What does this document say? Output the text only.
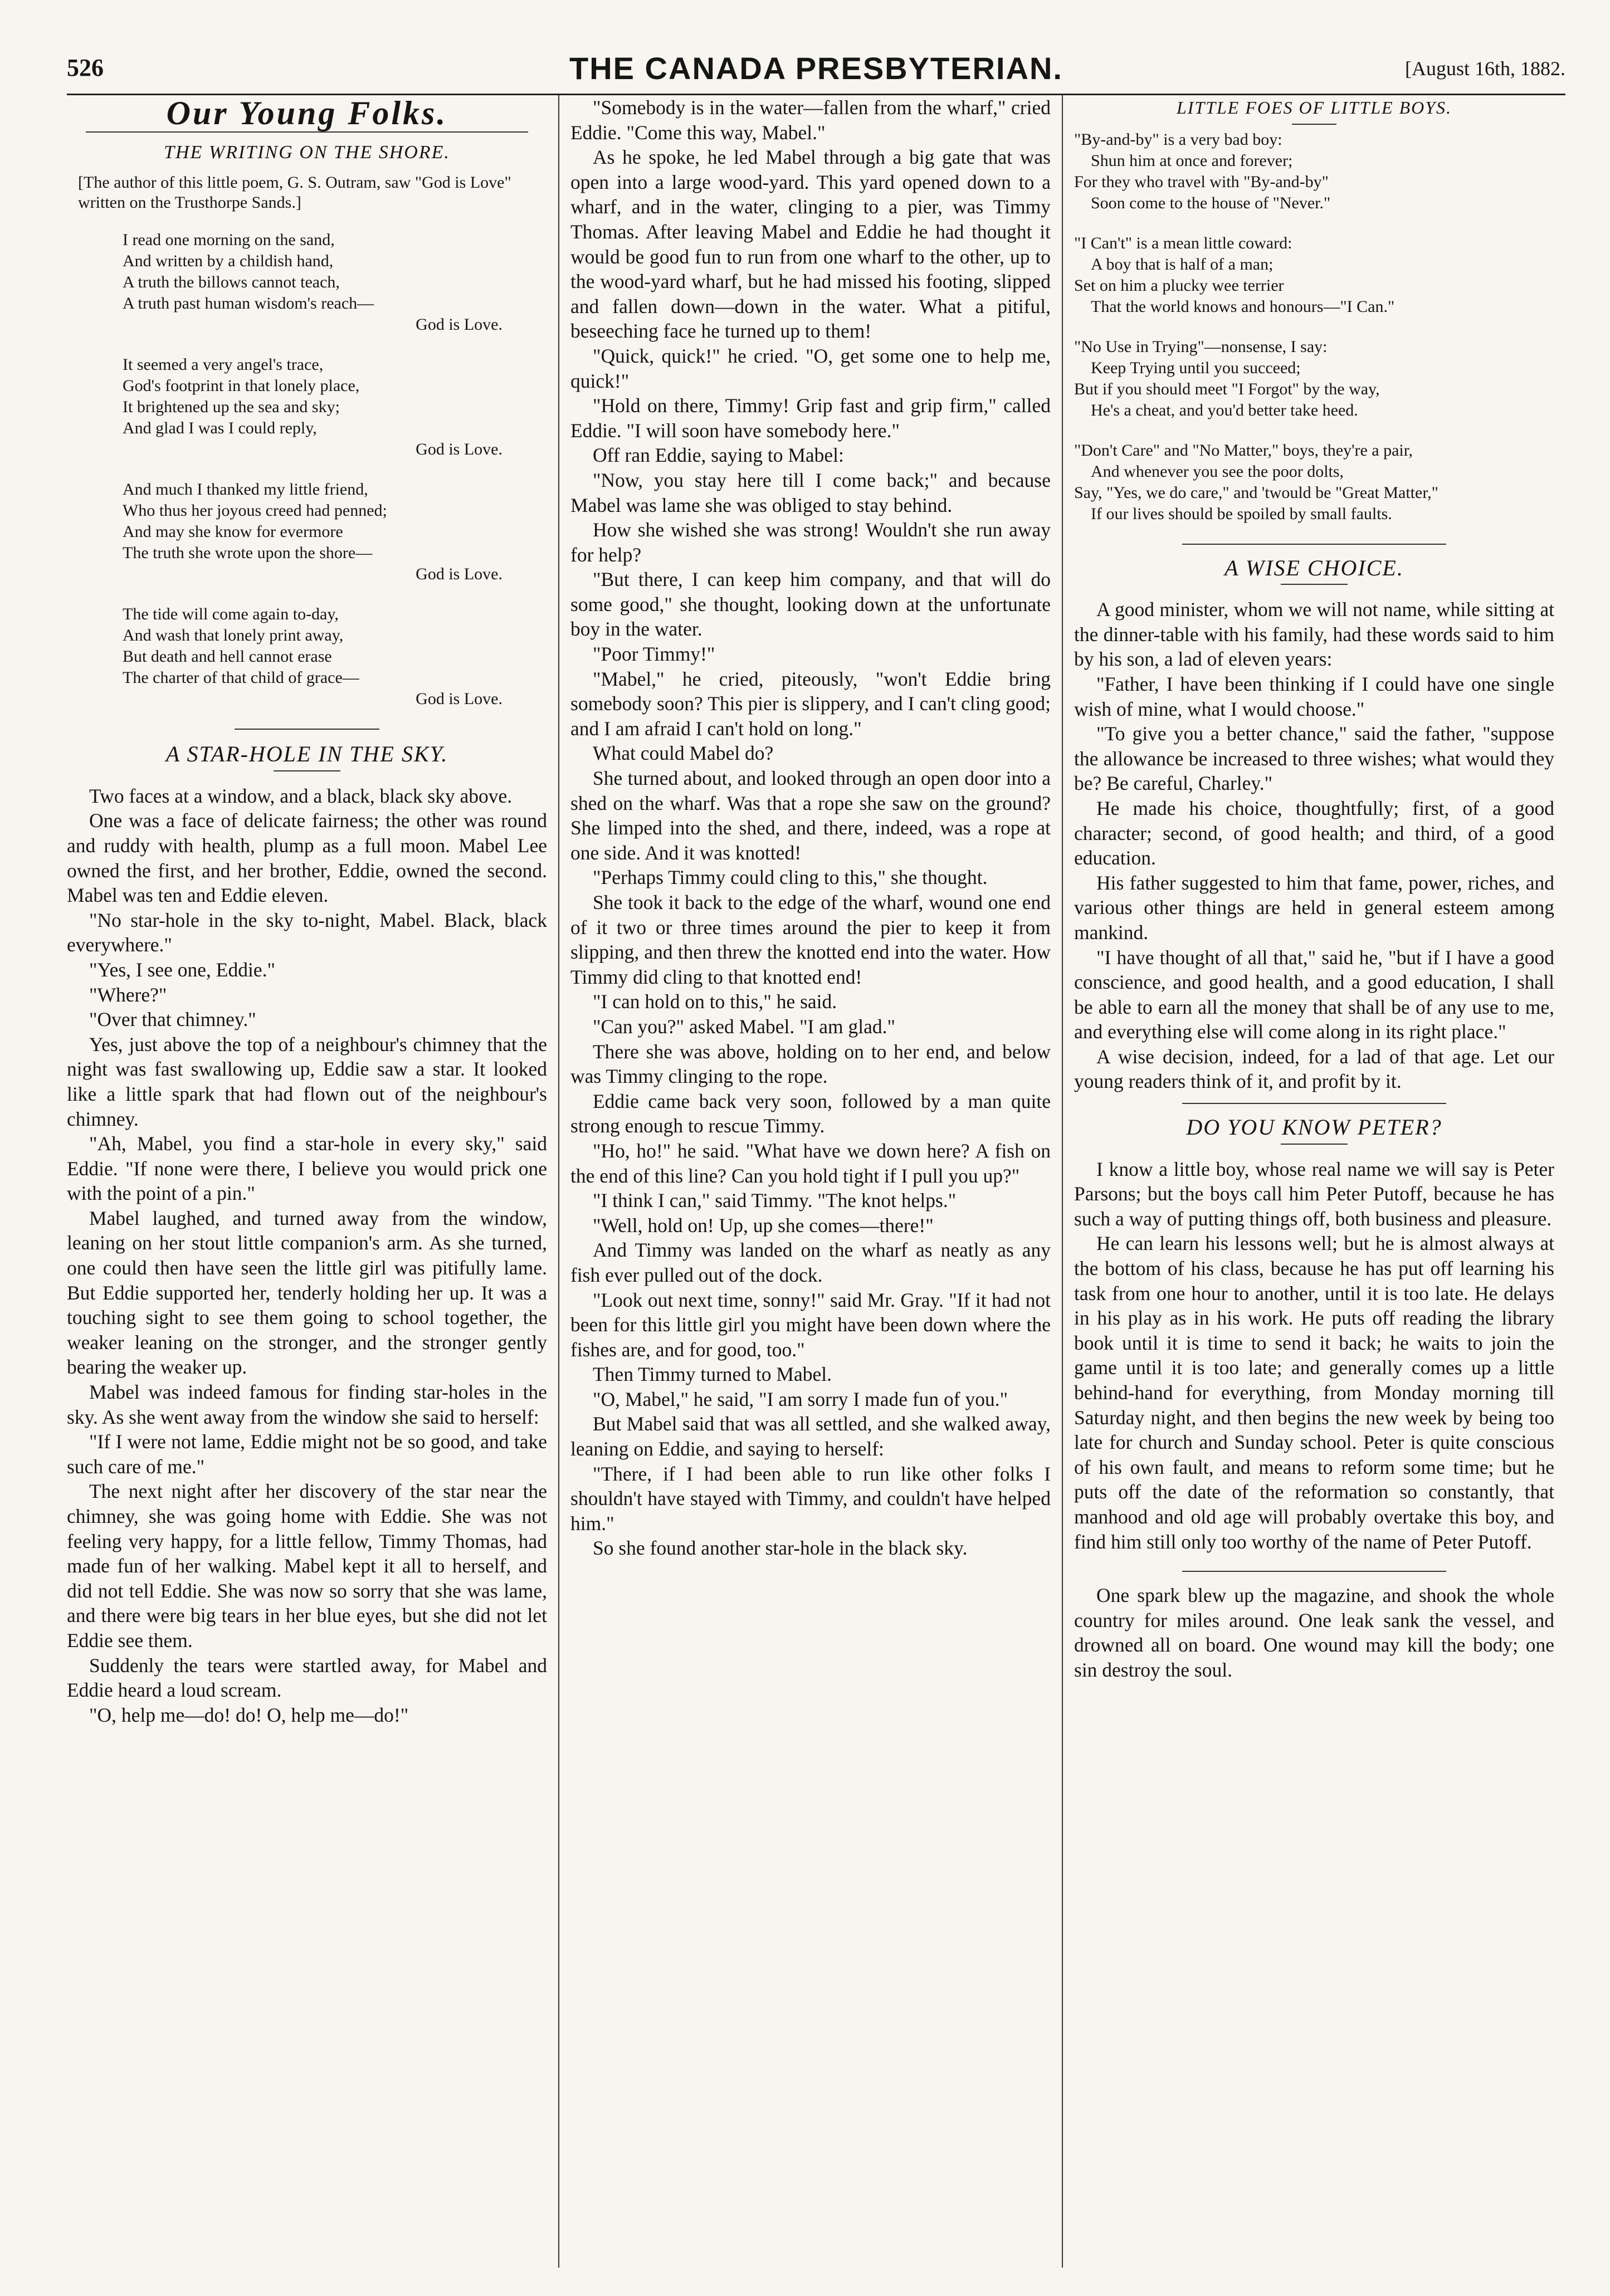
526	THE CANADA PRESBYTERIAN.	[August 16th, 1882.
Our Young Folks.
THE WRITING ON THE SHORE.
[The author of this little poem, G. S. Outram, saw "God is Love" written on the Trusthorpe Sands.]
I read one morning on the sand,
And written by a childish hand,
A truth the billows cannot teach,
A truth past human wisdom's reach—
God is Love.
It seemed a very angel's trace,
God's footprint in that lonely place,
It brightened up the sea and sky;
And glad I was I could reply,
God is Love.
And much I thanked my little friend,
Who thus her joyous creed had penned;
And may she know for evermore
The truth she wrote upon the shore—
God is Love.
The tide will come again to-day,
And wash that lonely print away,
But death and hell cannot erase
The charter of that child of grace—
God is Love.
A STAR-HOLE IN THE SKY.

Two faces at a window, and a black, black sky above.

One was a face of delicate fairness; the other was round and ruddy with health, plump as a full moon. Mabel Lee owned the first, and her brother, Eddie, owned the second. Mabel was ten and Eddie eleven.

"No star-hole in the sky to-night, Mabel. Black, black everywhere."

"Yes, I see one, Eddie."

"Where?"

"Over that chimney."

Yes, just above the top of a neighbour's chimney that the night was fast swallowing up, Eddie saw a star. It looked like a little spark that had flown out of the neighbour's chimney.

"Ah, Mabel, you find a star-hole in every sky," said Eddie. "If none were there, I believe you would prick one with the point of a pin."

Mabel laughed, and turned away from the window, leaning on her stout little companion's arm. As she turned, one could then have seen the little girl was pitifully lame. But Eddie supported her, tenderly holding her up. It was a touching sight to see them going to school together, the weaker leaning on the stronger, and the stronger gently bearing the weaker up.

Mabel was indeed famous for finding star-holes in the sky. As she went away from the window she said to herself:

"If I were not lame, Eddie might not be so good, and take such care of me."

The next night after her discovery of the star near the chimney, she was going home with Eddie. She was not feeling very happy, for a little fellow, Timmy Thomas, had made fun of her walking. Mabel kept it all to herself, and did not tell Eddie. She was now so sorry that she was lame, and there were big tears in her blue eyes, but she did not let Eddie see them.

Suddenly the tears were startled away, for Mabel and Eddie heard a loud scream.

"O, help me—do! do! O, help me—do!"

"Somebody is in the water—fallen from the wharf," cried Eddie. "Come this way, Mabel."

As he spoke, he led Mabel through a big gate that was open into a large wood-yard. This yard opened down to a wharf, and in the water, clinging to a pier, was Timmy Thomas. After leaving Mabel and Eddie he had thought it would be good fun to run from one wharf to the other, up to the wood-yard wharf, but he had missed his footing, slipped and fallen down—down in the water. What a pitiful, beseeching face he turned up to them!

"Quick, quick!" he cried. "O, get some one to help me, quick!"

"Hold on there, Timmy! Grip fast and grip firm," called Eddie. "I will soon have somebody here."

Off ran Eddie, saying to Mabel:

"Now, you stay here till I come back;" and because Mabel was lame she was obliged to stay behind.

How she wished she was strong! Wouldn't she run away for help?

"But there, I can keep him company, and that will do some good," she thought, looking down at the unfortunate boy in the water.

"Poor Timmy!"

"Mabel," he cried, piteously, "won't Eddie bring somebody soon? This pier is slippery, and I can't cling good; and I am afraid I can't hold on long."

What could Mabel do?

She turned about, and looked through an open door into a shed on the wharf. Was that a rope she saw on the ground? She limped into the shed, and there, indeed, was a rope at one side. And it was knotted!

"Perhaps Timmy could cling to this," she thought.

She took it back to the edge of the wharf, wound one end of it two or three times around the pier to keep it from slipping, and then threw the knotted end into the water. How Timmy did cling to that knotted end!

"I can hold on to this," he said.

"Can you?" asked Mabel. "I am glad."

There she was above, holding on to her end, and below was Timmy clinging to the rope.

Eddie came back very soon, followed by a man quite strong enough to rescue Timmy.

"Ho, ho!" he said. "What have we down here? A fish on the end of this line? Can you hold tight if I pull you up?"

"I think I can," said Timmy. "The knot helps."

"Well, hold on! Up, up she comes—there!"

And Timmy was landed on the wharf as neatly as any fish ever pulled out of the dock.

"Look out next time, sonny!" said Mr. Gray. "If it had not been for this little girl you might have been down where the fishes are, and for good, too."

Then Timmy turned to Mabel.

"O, Mabel," he said, "I am sorry I made fun of you."

But Mabel said that was all settled, and she walked away, leaning on Eddie, and saying to herself:

"There, if I had been able to run like other folks I shouldn't have stayed with Timmy, and couldn't have helped him."

So she found another star-hole in the black sky.

LITTLE FOES OF LITTLE BOYS.
"By-and-by" is a very bad boy:
Shun him at once and forever;
For they who travel with "By-and-by"
Soon come to the house of "Never."
"I Can't" is a mean little coward:
A boy that is half of a man;
Set on him a plucky wee terrier
That the world knows and honours—"I Can."
"No Use in Trying"—nonsense, I say:
Keep Trying until you succeed;
But if you should meet "I Forgot" by the way,
He's a cheat, and you'd better take heed.
"Don't Care" and "No Matter," boys, they're a pair,
And whenever you see the poor dolts,
Say, "Yes, we do care," and 'twould be "Great Matter,"
If our lives should be spoiled by small faults.
A WISE CHOICE.

A good minister, whom we will not name, while sitting at the dinner-table with his family, had these words said to him by his son, a lad of eleven years:

"Father, I have been thinking if I could have one single wish of mine, what I would choose."

"To give you a better chance," said the father, "suppose the allowance be increased to three wishes; what would they be? Be careful, Charley."

He made his choice, thoughtfully; first, of a good character; second, of good health; and third, of a good education.

His father suggested to him that fame, power, riches, and various other things are held in general esteem among mankind.

"I have thought of all that," said he, "but if I have a good conscience, and good health, and a good education, I shall be able to earn all the money that shall be of any use to me, and everything else will come along in its right place."

A wise decision, indeed, for a lad of that age. Let our young readers think of it, and profit by it.

DO YOU KNOW PETER?

I know a little boy, whose real name we will say is Peter Parsons; but the boys call him Peter Putoff, because he has such a way of putting things off, both business and pleasure.

He can learn his lessons well; but he is almost always at the bottom of his class, because he has put off learning his task from one hour to another, until it is too late. He delays in his play as in his work. He puts off reading the library book until it is time to send it back; he waits to join the game until it is too late; and generally comes up a little behind-hand for everything, from Monday morning till Saturday night, and then begins the new week by being too late for church and Sunday school. Peter is quite conscious of his own fault, and means to reform some time; but he puts off the date of the reformation so constantly, that manhood and old age will probably overtake this boy, and find him still only too worthy of the name of Peter Putoff.

One spark blew up the magazine, and shook the whole country for miles around. One leak sank the vessel, and drowned all on board. One wound may kill the body; one sin destroy the soul.
